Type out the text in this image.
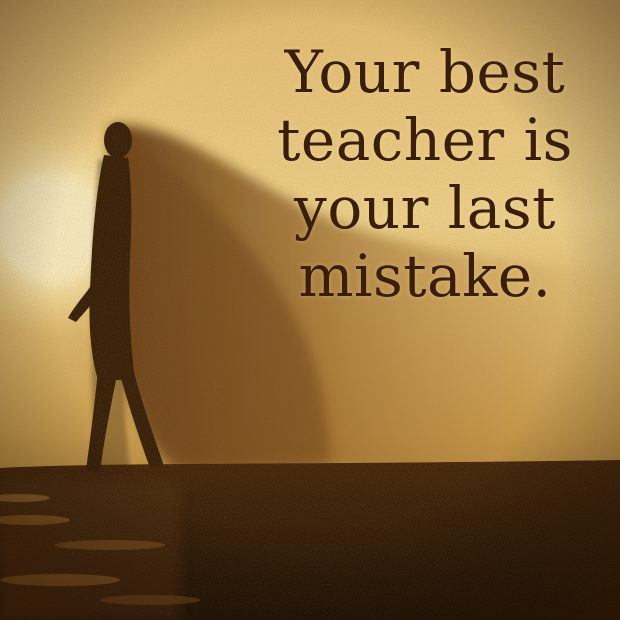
Your best
teacher is
your last
mistake.
